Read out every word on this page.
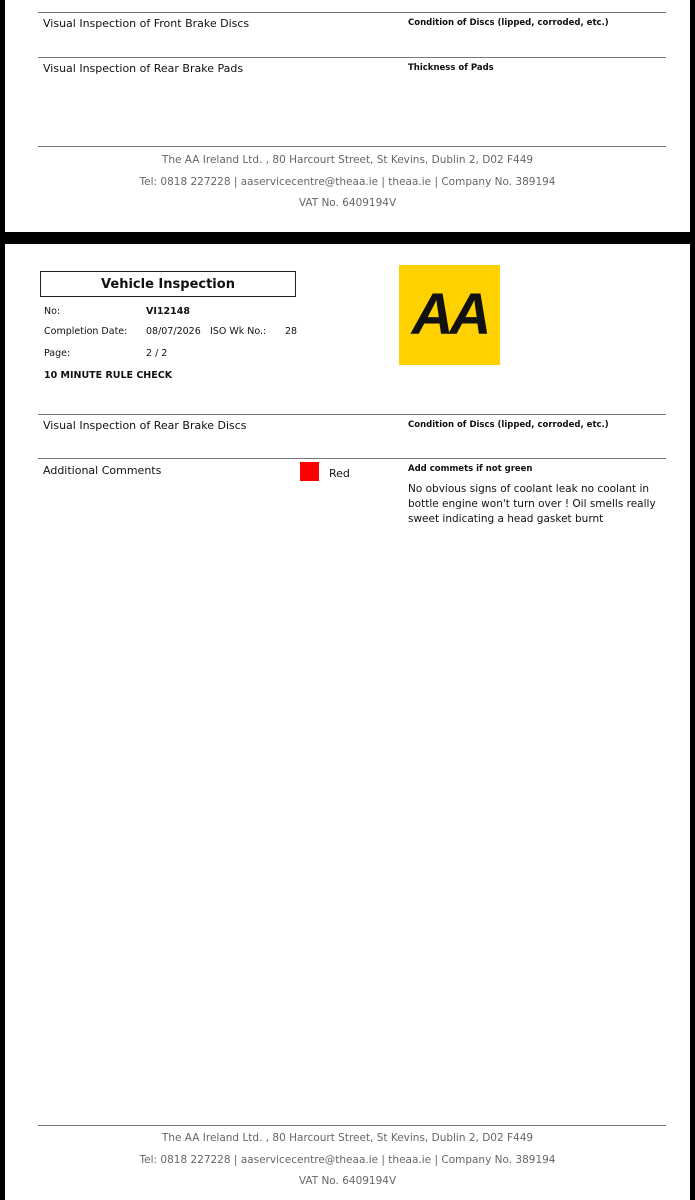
Visual Inspection of Front Brake Discs	Condition of Discs (lipped, corroded, etc.)
Visual Inspection of Rear Brake Pads	Thickness of Pads
The AA Ireland Ltd. , 80 Harcourt Street, St Kevins, Dublin 2, D02 F449
Tel: 0818 227228 | aaservicecentre@theaa.ie | theaa.ie | Company No. 389194
VAT No. 6409194V
Vehicle Inspection	AA
No:	VI12148
Completion Date: 08/07/2026 ISO Wk No.: 28
Page:	2 / 2
10 MINUTE RULE CHECK
Visual Inspection of Rear Brake Discs	Condition of Discs (lipped, corroded, etc.)
Additional Comments	Red	Add commets if not green
No obvious signs of coolant leak no coolant in bottle engine won't turn over ! Oil smells really sweet indicating a head gasket burnt
The AA Ireland Ltd. , 80 Harcourt Street, St Kevins, Dublin 2, D02 F449
Tel: 0818 227228 | aaservicecentre@theaa.ie | theaa.ie | Company No. 389194
VAT No. 6409194V
